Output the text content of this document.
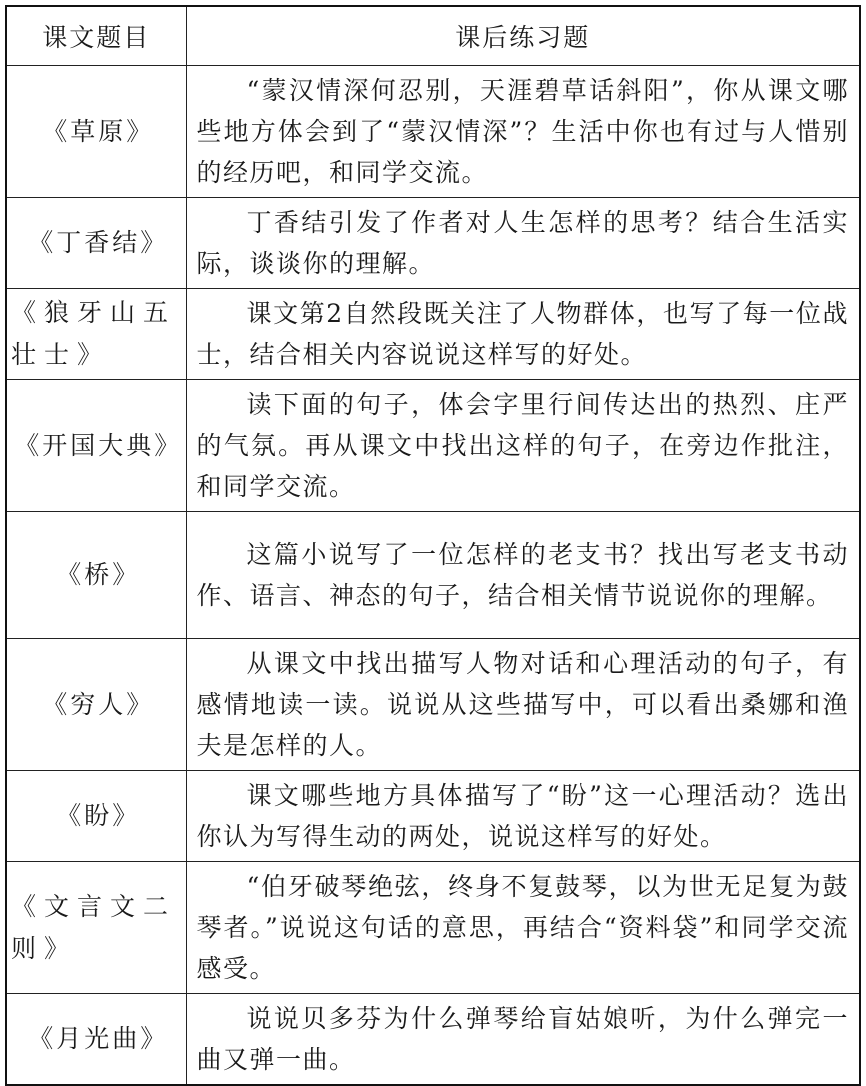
课文题目	课后练习题
《草原》	“蒙汉情深何忍别，天涯碧草话斜阳”，你从课文哪些地方体会到了“蒙汉情深”？生活中你也有过与人惜别的经历吧，和同学交流。

《丁香结》	丁香结引发了作者对人生怎样的思考？结合生活实际，谈谈你的理解。

《狼牙山五壮士》	课文第2自然段既关注了人物群体，也写了每一位战士，结合相关内容说说这样写的好处。

《开国大典》	读下面的句子，体会字里行间传达出的热烈、庄严的气氛。再从课文中找出这样的句子，在旁边作批注，和同学交流。

《桥》	这篇小说写了一位怎样的老支书？找出写老支书动作、语言、神态的句子，结合相关情节说说你的理解。

《穷人》	从课文中找出描写人物对话和心理活动的句子，有感情地读一读。说说从这些描写中，可以看出桑娜和渔夫是怎样的人。

《盼》	课文哪些地方具体描写了“盼”这一心理活动？选出你认为写得生动的两处，说说这样写的好处。

《文言文二则》	“伯牙破琴绝弦，终身不复鼓琴，以为世无足复为鼓琴者。”说说这句话的意思，再结合“资料袋”和同学交流感受。

《月光曲》	说说贝多芬为什么弹琴给盲姑娘听，为什么弹完一曲又弹一曲。
